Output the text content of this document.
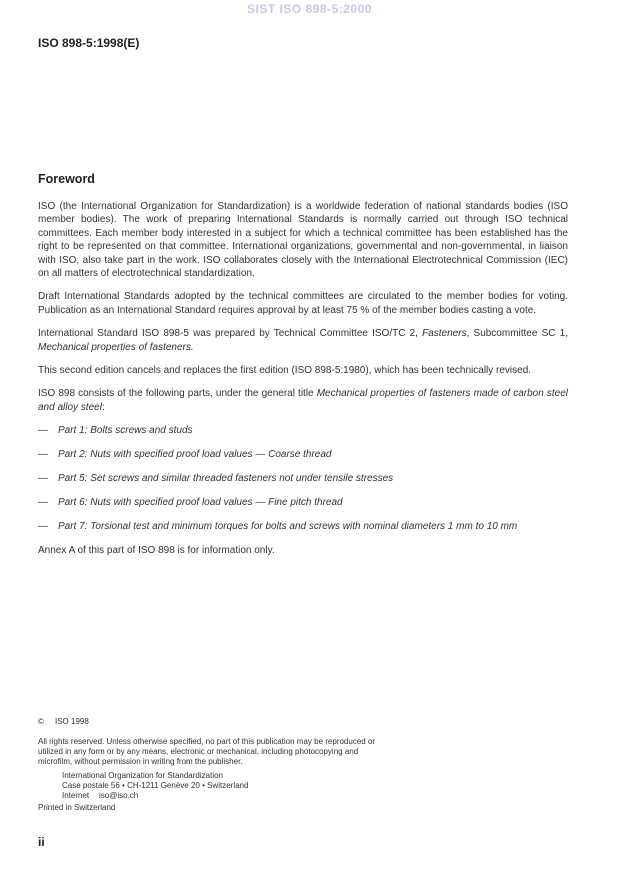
SIST ISO 898-5:2000
ISO 898-5:1998(E)
Foreword

ISO (the International Organization for Standardization) is a worldwide federation of national standards bodies (ISO member bodies). The work of preparing International Standards is normally carried out through ISO technical committees. Each member body interested in a subject for which a technical committee has been established has the right to be represented on that committee. International organizations, governmental and non-governmental, in liaison with ISO, also take part in the work. ISO collaborates closely with the International Electrotechnical Commission (IEC) on all matters of electrotechnical standardization.

Draft International Standards adopted by the technical committees are circulated to the member bodies for voting. Publication as an International Standard requires approval by at least 75 % of the member bodies casting a vote.

International Standard ISO 898-5 was prepared by Technical Committee ISO/TC 2, Fasteners, Subcommittee SC 1, Mechanical properties of fasteners.

This second edition cancels and replaces the first edition (ISO 898-5:1980), which has been technically revised.

ISO 898 consists of the following parts, under the general title Mechanical properties of fasteners made of carbon steel and alloy steel:

—	Part 1: Bolts screws and studs
—	Part 2: Nuts with specified proof load values — Coarse thread
—	Part 5: Set screws and similar threaded fasteners not under tensile stresses
—	Part 6: Nuts with specified proof load values — Fine pitch thread
—	Part 7: Torsional test and minimum torques for bolts and screws with nominal diameters 1 mm to 10 mm

Annex A of this part of ISO 898 is for information only.

© ISO 1998

All rights reserved. Unless otherwise specified, no part of this publication may be reproduced or utilized in any form or by any means, electronic or mechanical, including photocopying and microfilm, without permission in writing from the publisher.

International Organization for Standardization
Case postale 56 • CH-1211 Genève 20 • Switzerland
Internet iso@iso.ch

Printed in Switzerland

ii
